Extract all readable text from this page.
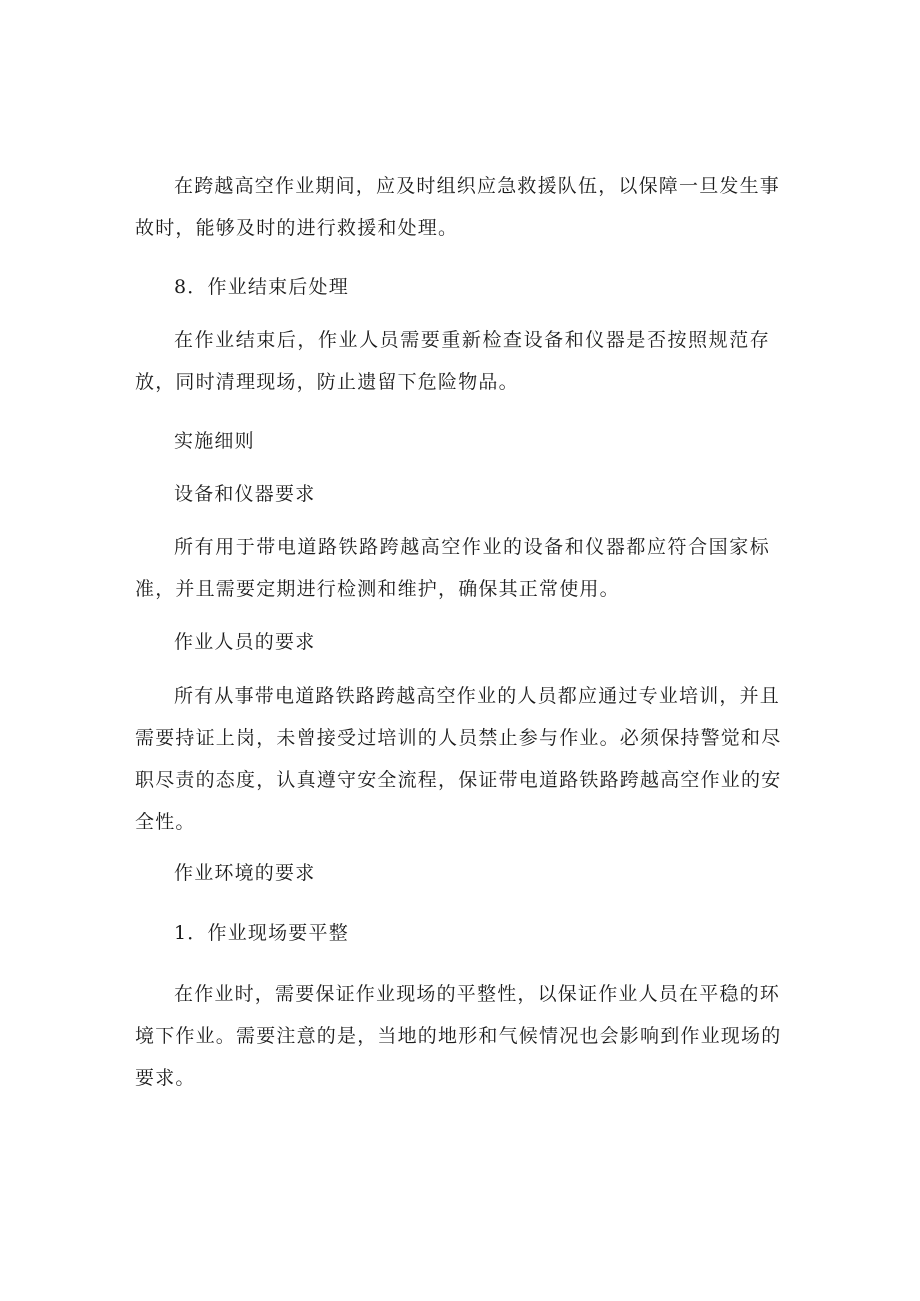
在跨越高空作业期间，应及时组织应急救援队伍，以保障一旦发生事
故时，能够及时的进行救援和处理。
8．作业结束后处理
在作业结束后，作业人员需要重新检查设备和仪器是否按照规范存
放，同时清理现场，防止遗留下危险物品。
实施细则
设备和仪器要求
所有用于带电道路铁路跨越高空作业的设备和仪器都应符合国家标
准，并且需要定期进行检测和维护，确保其正常使用。
作业人员的要求
所有从事带电道路铁路跨越高空作业的人员都应通过专业培训，并且
需要持证上岗，未曾接受过培训的人员禁止参与作业。必须保持警觉和尽
职尽责的态度，认真遵守安全流程，保证带电道路铁路跨越高空作业的安
全性。
作业环境的要求
1．作业现场要平整
在作业时，需要保证作业现场的平整性，以保证作业人员在平稳的环
境下作业。需要注意的是，当地的地形和气候情况也会影响到作业现场的
要求。
